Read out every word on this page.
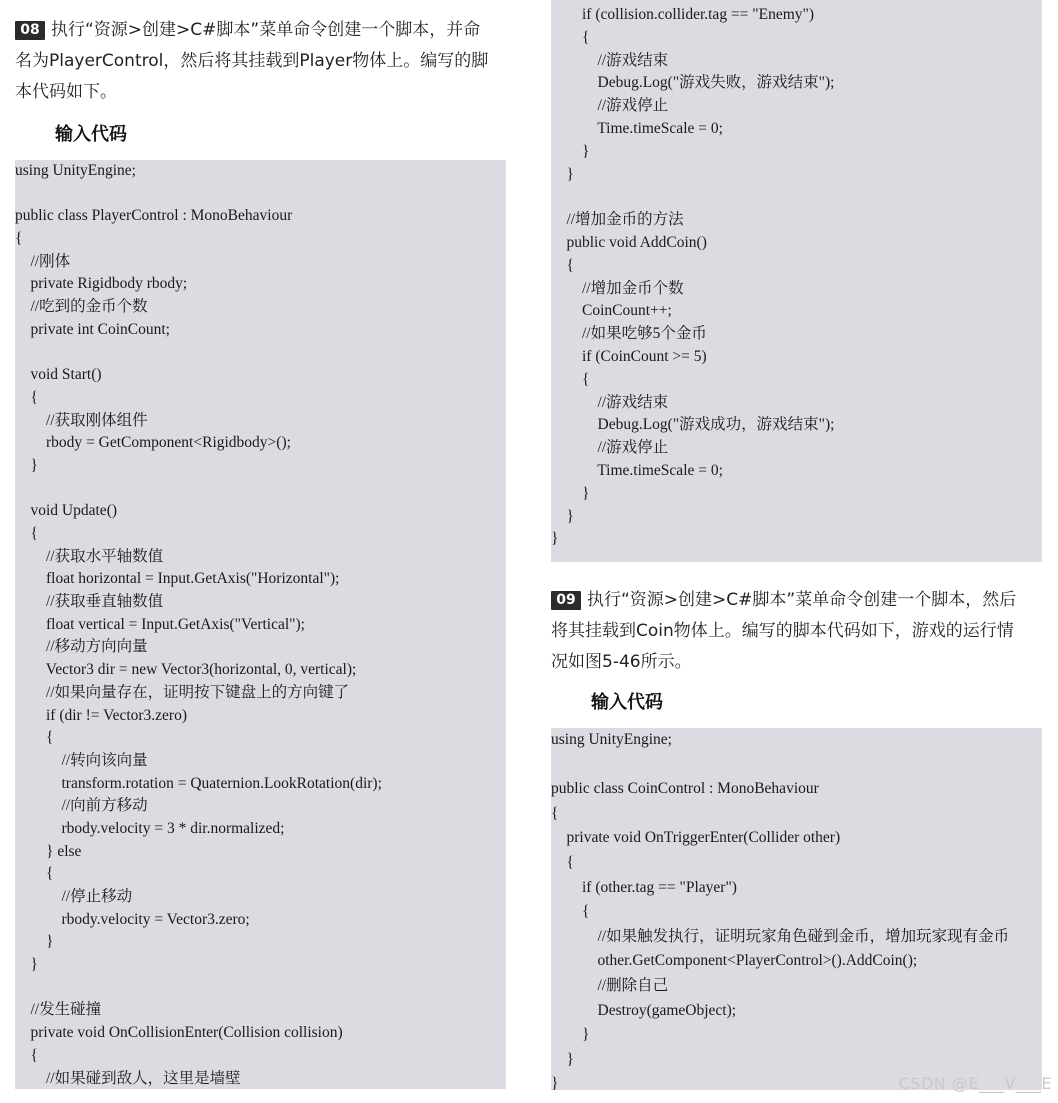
08 执行“资源>创建>C#脚本”菜单命令创建一个脚本，并命

名为PlayerControl，然后将其挂载到Player物体上。编写的脚

本代码如下。

输入代码
using UnityEngine;
public class PlayerControl : MonoBehaviour
{
//刚体
private Rigidbody rbody;
//吃到的金币个数
private int CoinCount;
void Start()
{
//获取刚体组件
rbody = GetComponent<Rigidbody>();
}
void Update()
{
//获取水平轴数值
float horizontal = Input.GetAxis("Horizontal");
//获取垂直轴数值
float vertical = Input.GetAxis("Vertical");
//移动方向向量
Vector3 dir = new Vector3(horizontal, 0, vertical);
//如果向量存在，证明按下键盘上的方向键了
if (dir != Vector3.zero)
{
//转向该向量
transform.rotation = Quaternion.LookRotation(dir);
//向前方移动
rbody.velocity = 3 * dir.normalized;
} else
{
//停止移动
rbody.velocity = Vector3.zero;
}
}
//发生碰撞
private void OnCollisionEnter(Collision collision)
{
//如果碰到敌人，这里是墙壁
if (collision.collider.tag == "Enemy")
{
//游戏结束
Debug.Log("游戏失败，游戏结束");
//游戏停止
Time.timeScale = 0;
}
}
//增加金币的方法
public void AddCoin()
{
//增加金币个数
CoinCount++;
//如果吃够5个金币
if (CoinCount >= 5)
{
//游戏结束
Debug.Log("游戏成功，游戏结束");
//游戏停止
Time.timeScale = 0;
}
}
}

09 执行“资源>创建>C#脚本”菜单命令创建一个脚本，然后

将其挂载到Coin物体上。编写的脚本代码如下，游戏的运行情

况如图5-46所示。

输入代码
using UnityEngine;
public class CoinControl : MonoBehaviour
{
private void OnTriggerEnter(Collider other)
{
if (other.tag == "Player")
{
//如果触发执行，证明玩家角色碰到金币，增加玩家现有金币
other.GetComponent<PlayerControl>().AddCoin();
//删除自己
Destroy(gameObject);
}
}
}	CSDN @E___V___E
